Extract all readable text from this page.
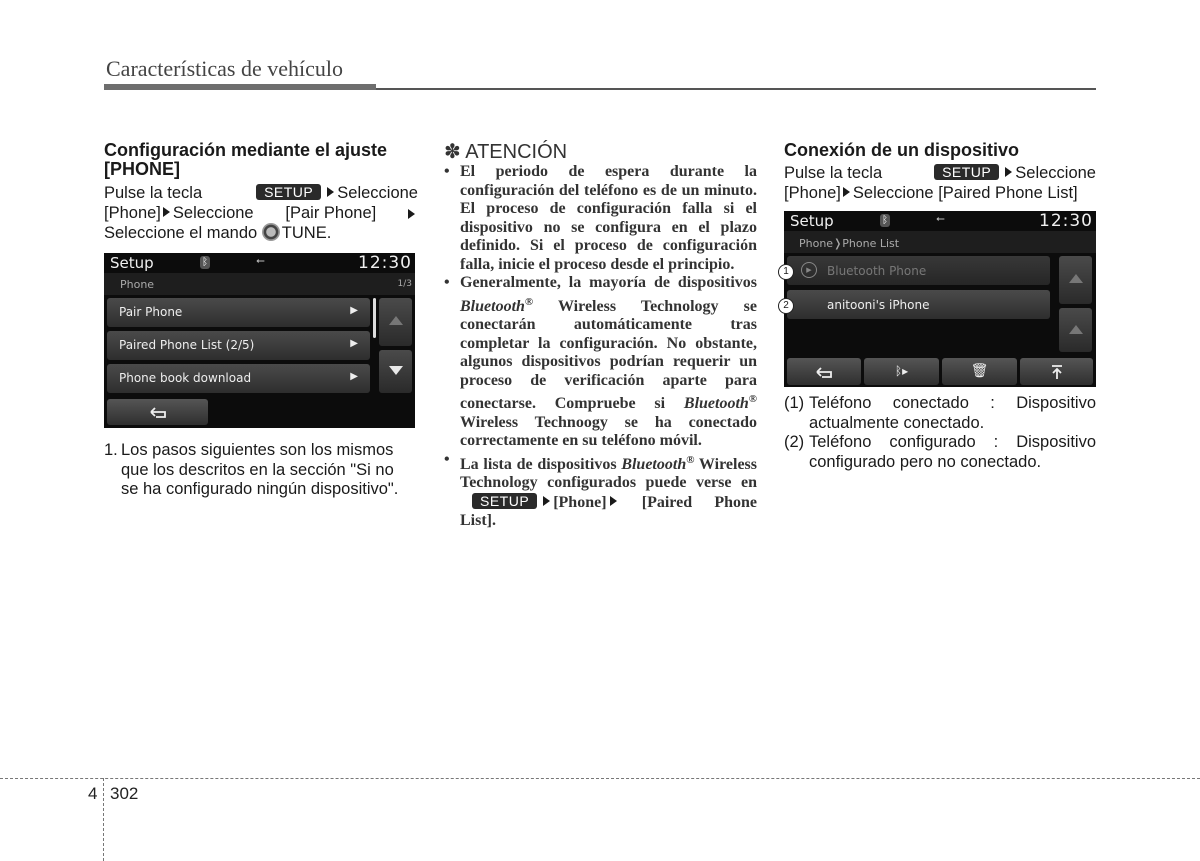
Características de vehículo
Configuración mediante el ajuste
[PHONE]
Pulse la tecla	SETUP Seleccione
[Phone] Seleccione [Pair Phone]
Seleccione el mando TUNE.
Setup	ᛒ	⭠	12:30
Phone	1/3
Pair Phone	▶
Paired Phone List (2/5)	▶
Phone book download	▶
1. Los pasos siguientes son los mismos
que los descritos en la sección "Si no
se ha configurado ningún dispositivo".
✽ ATENCIÓN
• El periodo de espera durante la configuración del teléfono es de un minuto. El proceso de configuración falla si el dispositivo no se configura en el plazo definido. Si el proceso de configuración falla, inicie el proceso desde el principio.

• Generalmente, la mayoría de dispositivos Bluetooth® Wireless Technology se conectarán automáticamente tras completar la configuración. No obstante, algunos dispositivos podrían requerir un proceso de verificación aparte para conectarse. Compruebe si Bluetooth® Wireless Technoogy se ha conectado correctamente en su teléfono móvil.

• La lista de dispositivos Bluetooth® Wireless Technology configurados puede verse enSETUP [Phone] [Paired Phone List].

Conexión de un dispositivo
Pulse la tecla	SETUP Seleccione
[Phone] Seleccione [Paired Phone List]
Setup	ᛒ	⭠	12:30
Phone❭Phone List
▶	Bluetooth Phone
anitooni's iPhone
ᛒ▸	🗑
1
2
(1) Teléfono conectado : Dispositivo
actualmente conectado.
(2) Teléfono configurado : Dispositivo
configurado pero no conectado.
4 302
